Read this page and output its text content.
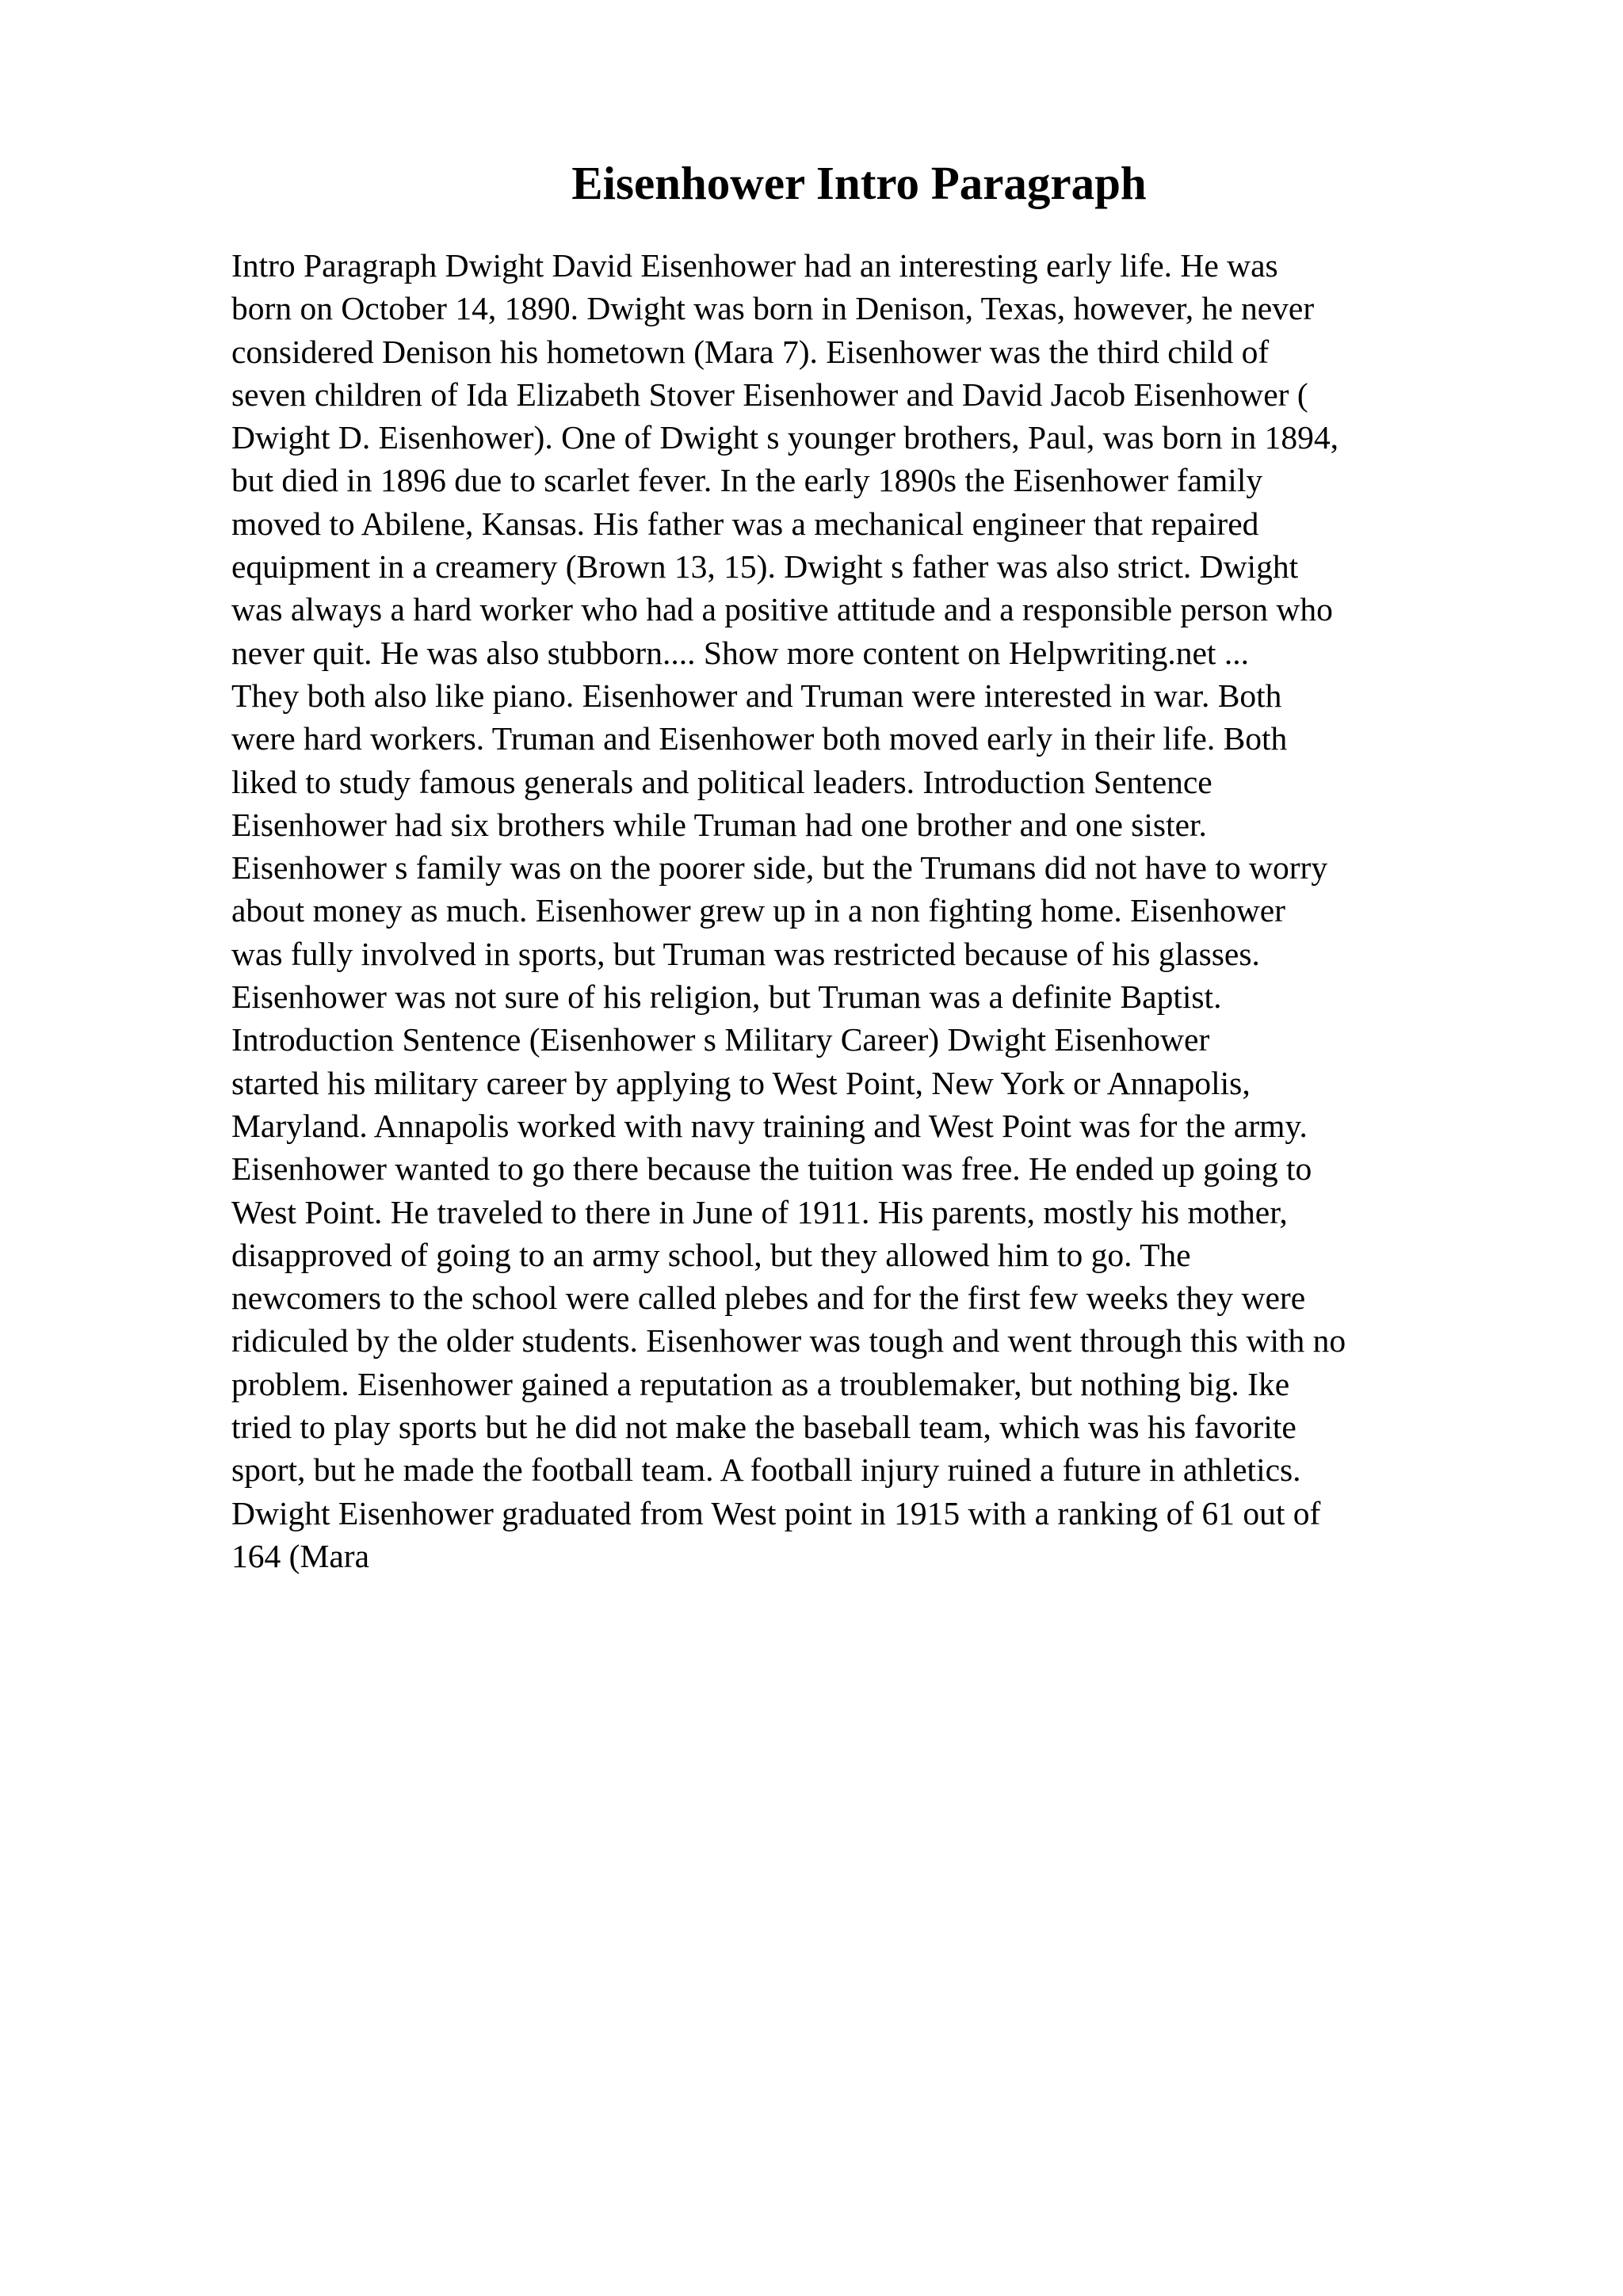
Eisenhower Intro Paragraph
Intro Paragraph Dwight David Eisenhower had an interesting early life. He was
born on October 14, 1890. Dwight was born in Denison, Texas, however, he never
considered Denison his hometown (Mara 7). Eisenhower was the third child of
seven children of Ida Elizabeth Stover Eisenhower and David Jacob Eisenhower (
Dwight D. Eisenhower). One of Dwight s younger brothers, Paul, was born in 1894,
but died in 1896 due to scarlet fever. In the early 1890s the Eisenhower family
moved to Abilene, Kansas. His father was a mechanical engineer that repaired
equipment in a creamery (Brown 13, 15). Dwight s father was also strict. Dwight
was always a hard worker who had a positive attitude and a responsible person who
never quit. He was also stubborn.... Show more content on Helpwriting.net ...
They both also like piano. Eisenhower and Truman were interested in war. Both
were hard workers. Truman and Eisenhower both moved early in their life. Both
liked to study famous generals and political leaders. Introduction Sentence
Eisenhower had six brothers while Truman had one brother and one sister.
Eisenhower s family was on the poorer side, but the Trumans did not have to worry
about money as much. Eisenhower grew up in a non fighting home. Eisenhower
was fully involved in sports, but Truman was restricted because of his glasses.
Eisenhower was not sure of his religion, but Truman was a definite Baptist.
Introduction Sentence (Eisenhower s Military Career) Dwight Eisenhower
started his military career by applying to West Point, New York or Annapolis,
Maryland. Annapolis worked with navy training and West Point was for the army.
Eisenhower wanted to go there because the tuition was free. He ended up going to
West Point. He traveled to there in June of 1911. His parents, mostly his mother,
disapproved of going to an army school, but they allowed him to go. The
newcomers to the school were called plebes and for the first few weeks they were
ridiculed by the older students. Eisenhower was tough and went through this with no
problem. Eisenhower gained a reputation as a troublemaker, but nothing big. Ike
tried to play sports but he did not make the baseball team, which was his favorite
sport, but he made the football team. A football injury ruined a future in athletics.
Dwight Eisenhower graduated from West point in 1915 with a ranking of 61 out of
164 (Mara
